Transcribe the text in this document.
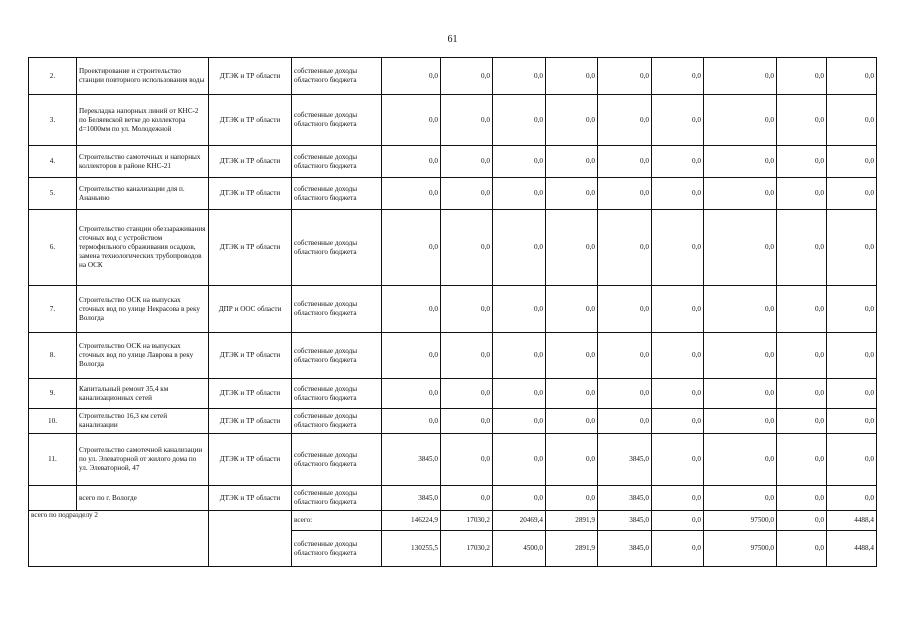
61
2.	Проектирование и строительство станции повторного использования воды	ДТЭК и ТР области	собственные доходы областного бюджета	0,0	0,0	0,0	0,0	0,0	0,0	0,0	0,0	0,0
3.	Перекладка напорных линий от КНС-2 по Беляевской ветке до коллектора d=1000мм по ул. Молодежной	ДТЭК и ТР области	собственные доходы областного бюджета	0,0	0,0	0,0	0,0	0,0	0,0	0,0	0,0	0,0
4.	Строительство самотечных и напорных коллекторов в районе КНС-21	ДТЭК и ТР области	собственные доходы областного бюджета	0,0	0,0	0,0	0,0	0,0	0,0	0,0	0,0	0,0
5.	Строительство канализации для п. Ананьино	ДТЭК и ТР области	собственные доходы областного бюджета	0,0	0,0	0,0	0,0	0,0	0,0	0,0	0,0	0,0
6.	Строительство станции обеззараживания сточных вод с устройством термофильного сбраживания осадков, замена технологических трубопроводов на ОСК	ДТЭК и ТР области	собственные доходы областного бюджета	0,0	0,0	0,0	0,0	0,0	0,0	0,0	0,0	0,0
7.	Строительство ОСК на выпусках сточных вод по улице Некрасова в реку Вологда	ДПР и ООС области	собственные доходы областного бюджета	0,0	0,0	0,0	0,0	0,0	0,0	0,0	0,0	0,0
8.	Строительство ОСК на выпусках сточных вод по улице Лаврова в реку Вологда	ДТЭК и ТР области	собственные доходы областного бюджета	0,0	0,0	0,0	0,0	0,0	0,0	0,0	0,0	0,0
9.	Капитальный ремонт 35,4 км канализационных сетей	ДТЭК и ТР области	собственные доходы областного бюджета	0,0	0,0	0,0	0,0	0,0	0,0	0,0	0,0	0,0
10.	Строительство 16,3 км сетей канализации	ДТЭК и ТР области	собственные доходы областного бюджета	0,0	0,0	0,0	0,0	0,0	0,0	0,0	0,0	0,0
11.	Строительство самотечной канализации по ул. Элеваторной от жилого дома по ул. Элеваторной, 47	ДТЭК и ТР области	собственные доходы областного бюджета	3845,0	0,0	0,0	0,0	3845,0	0,0	0,0	0,0	0,0
	всего по г. Вологде	ДТЭК и ТР области	собственные доходы областного бюджета	3845,0	0,0	0,0	0,0	3845,0	0,0	0,0	0,0	0,0
всего по подразделу 2			всего:	146224,9	17030,2	20469,4	2891,9	3845,0	0,0	97500,0	0,0	4488,4
			собственные доходы областного бюджета	130255,5	17030,2	4500,0	2891,9	3845,0	0,0	97500,0	0,0	4488,4
